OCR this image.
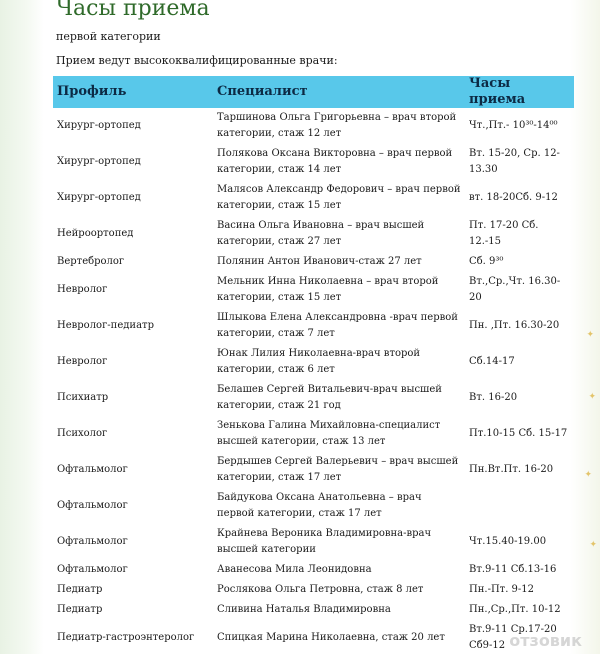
✦
✦
✦
✦
Часы приема
первой категории
Прием ведут высококвалифицированные врачи:
Профиль	Специалист	Часы приема
Хирург-ортопед	Таршинова Ольга Григорьевна – врач второй категории, стаж 12 лет	Чт.,Пт.- 10³⁰-14⁰⁰
Хирург-ортопед	Полякова Оксана Викторовна – врач первой категории, стаж 14 лет	Вт. 15-20, Ср. 12-13.30
Хирург-ортопед	Малясов Александр Федорович – врач первой категории, стаж 15 лет	вт. 18-20Сб. 9-12
Нейроортопед	Васина Ольга Ивановна – врач высшей категории, стаж 27 лет	Пт. 17-20 Сб. 12.-15
Вертебролог	Полянин Антон Иванович-стаж 27 лет	Сб. 9³⁰
Невролог	Мельник Инна Николаевна – врач второй категории, стаж 15 лет	Вт.,Ср.,Чт. 16.30-20
Невролог-педиатр	Шлыкова Елена Александровна -врач первой категории, стаж 7 лет	Пн. ,Пт. 16.30-20
Невролог	Юнак Лилия Николаевна-врач второй категории, стаж 6 лет	Сб.14-17
Психиатр	Белашев Сергей Витальевич-врач высшей категории, стаж 21 год	Вт. 16-20
Психолог	Зенькова Галина Михайловна-специалист высшей категории, стаж 13 лет	Пт.10-15 Сб. 15-17
Офтальмолог	Бердышев Сергей Валерьевич – врач высшей категории, стаж 17 лет	Пн.Вт.Пт. 16-20
Офтальмолог	Байдукова Оксана Анатольевна – врач первой категории, стаж 17 лет	
Офтальмолог	Крайнева Вероника Владимировна-врач высшей категории	Чт.15.40-19.00
Офтальмолог	Аванесова Мила Леонидовна	Вт.9-11 Сб.13-16
Педиатр	Рослякова Ольга Петровна, стаж 8 лет	Пн.-Пт. 9-12
Педиатр	Сливина Наталья Владимировна	Пн.,Ср.,Пт. 10-12
Педиатр-гастроэнтеролог	Спицкая Марина Николаевна, стаж 20 лет	Вт.9-11 Ср.17-20 Сб9-12 отзовик
